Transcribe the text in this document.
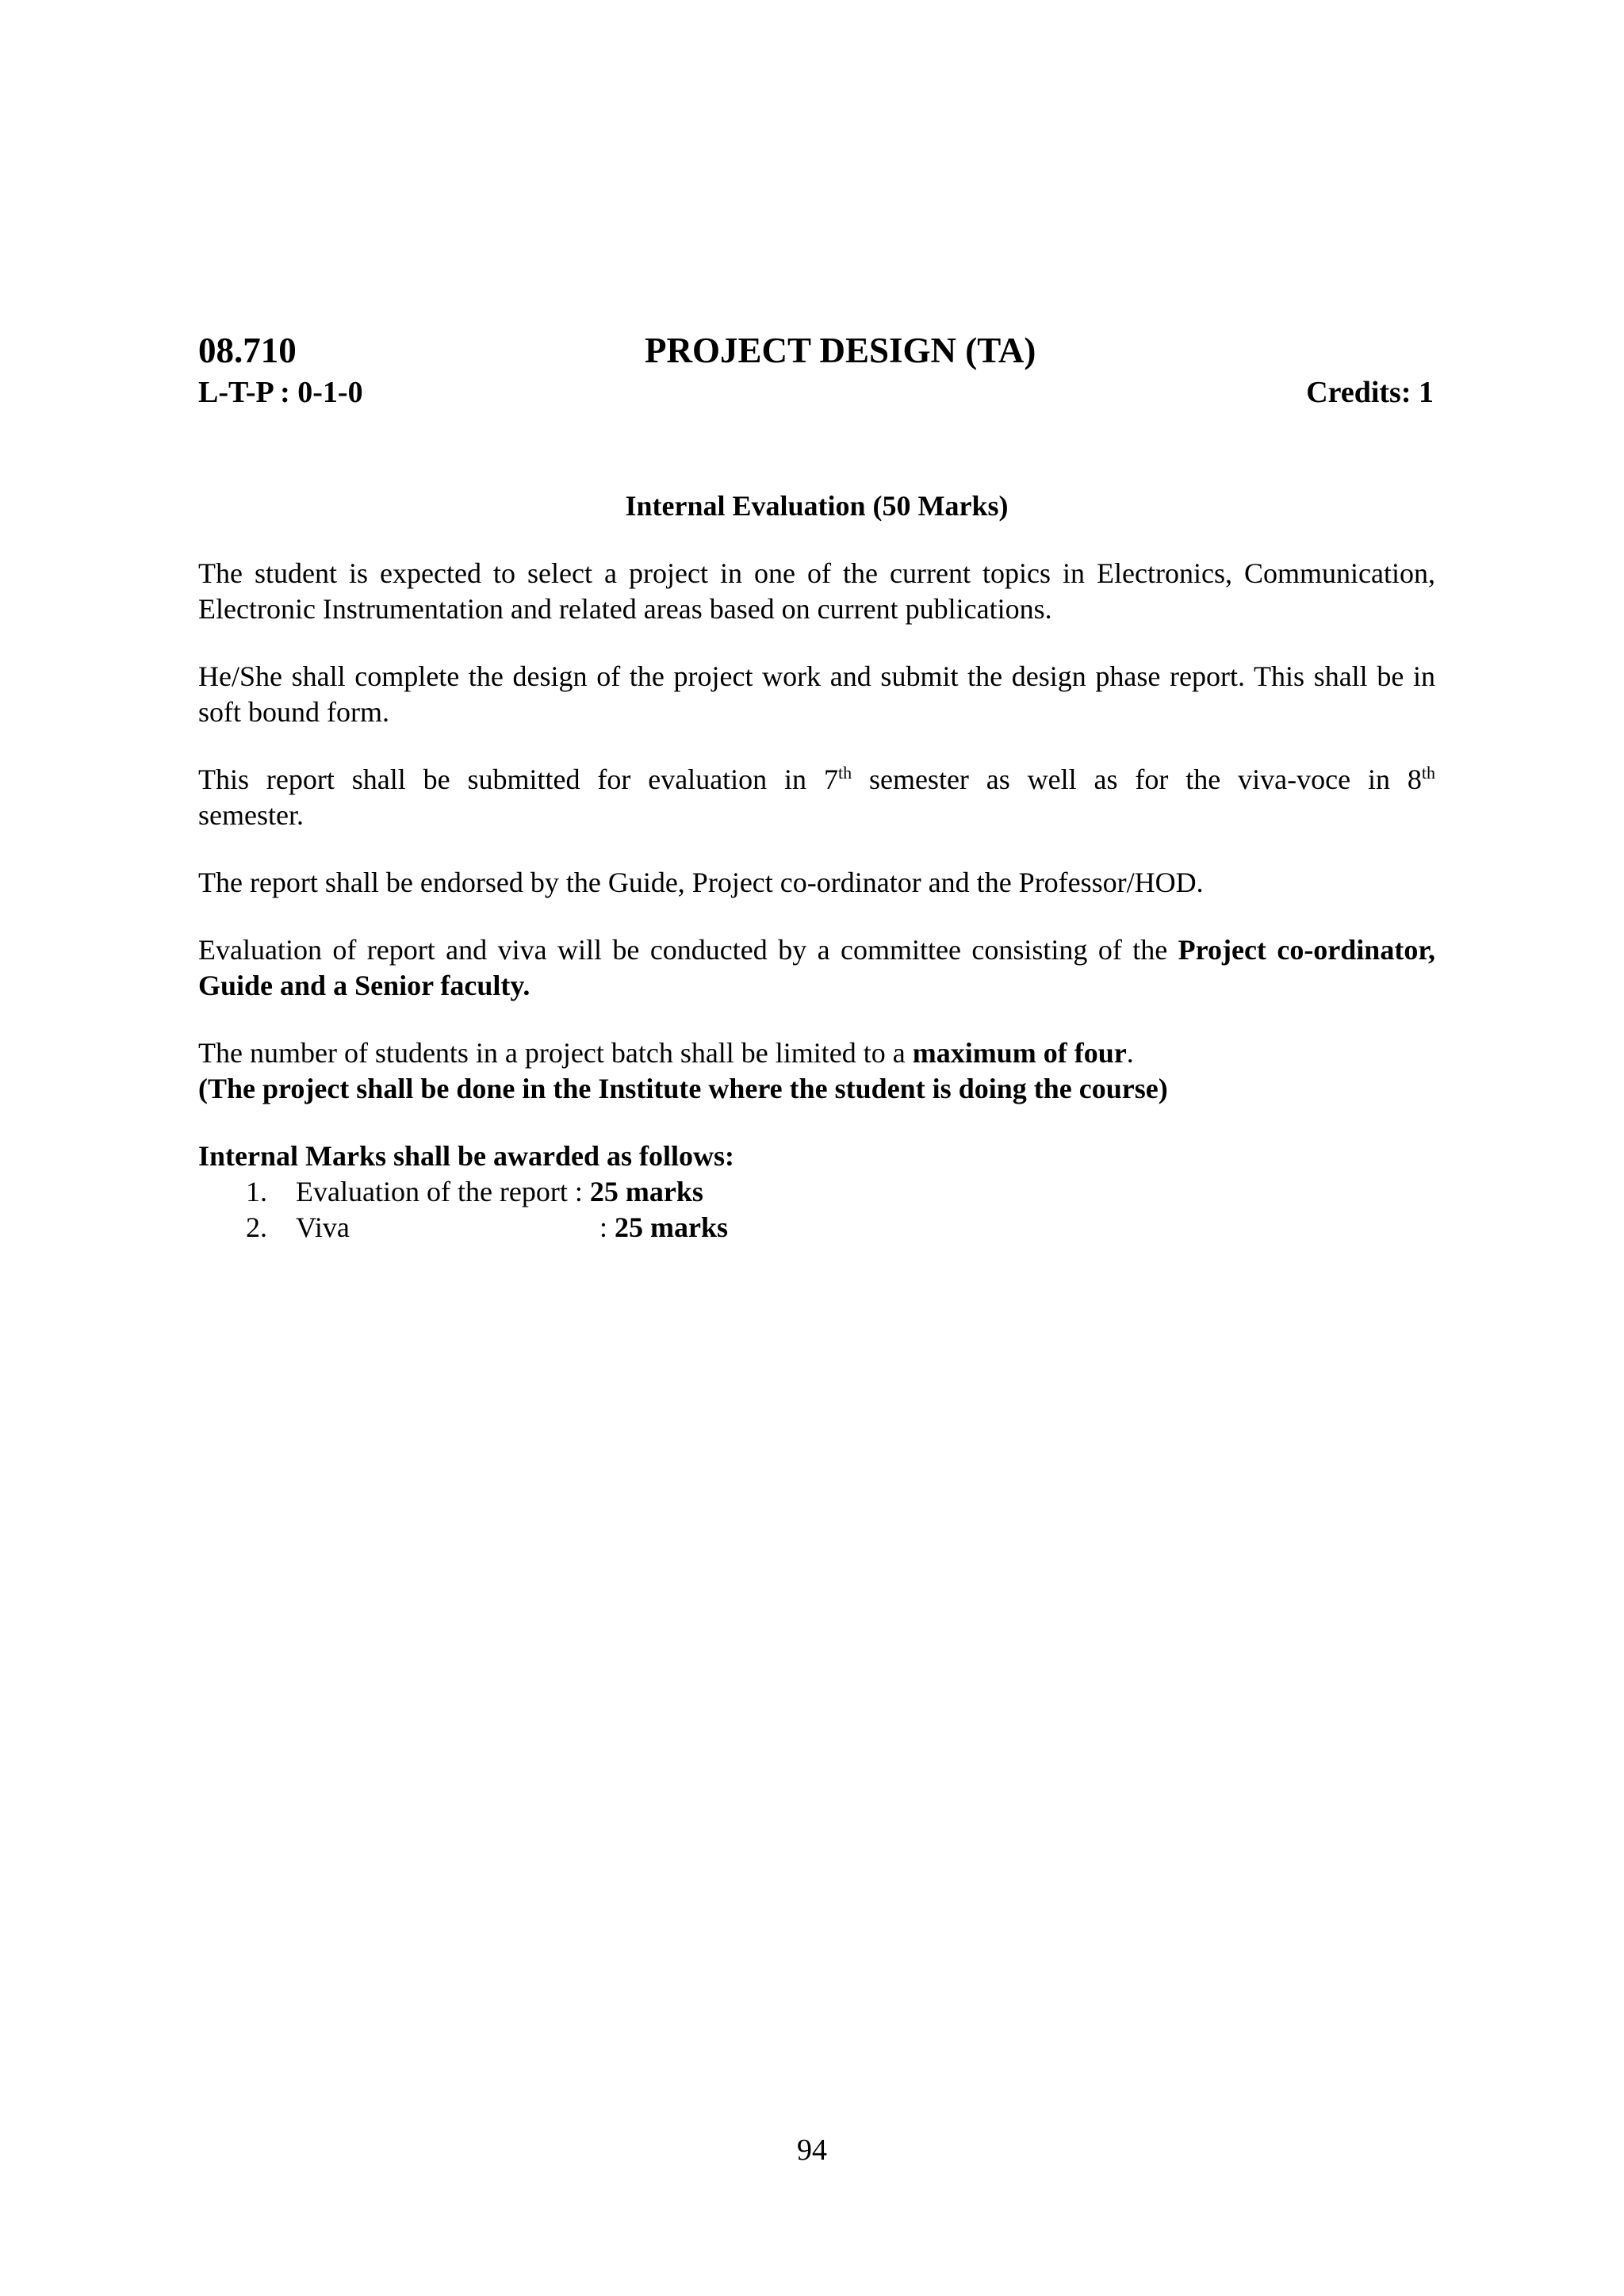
08.710	PROJECT DESIGN (TA)
L-T-P : 0-1-0	Credits: 1
Internal Evaluation (50 Marks)

The student is expected to select a project in one of the current topics in Electronics, Communication, Electronic Instrumentation and related areas based on current publications.

He/She shall complete the design of the project work and submit the design phase report. This shall be in soft bound form.

This report shall be submitted for evaluation in 7th semester as well as for the viva-voce in 8th
semester.

The report shall be endorsed by the Guide, Project co-ordinator and the Professor/HOD.

Evaluation of report and viva will be conducted by a committee consisting of the Project co-ordinator, Guide and a Senior faculty.

The number of students in a project batch shall be limited to a maximum of four.
(The project shall be done in the Institute where the student is doing the course)

Internal Marks shall be awarded as follows:
1.	Evaluation of the report : 25 marks
2.	Viva	: 25 marks
94
